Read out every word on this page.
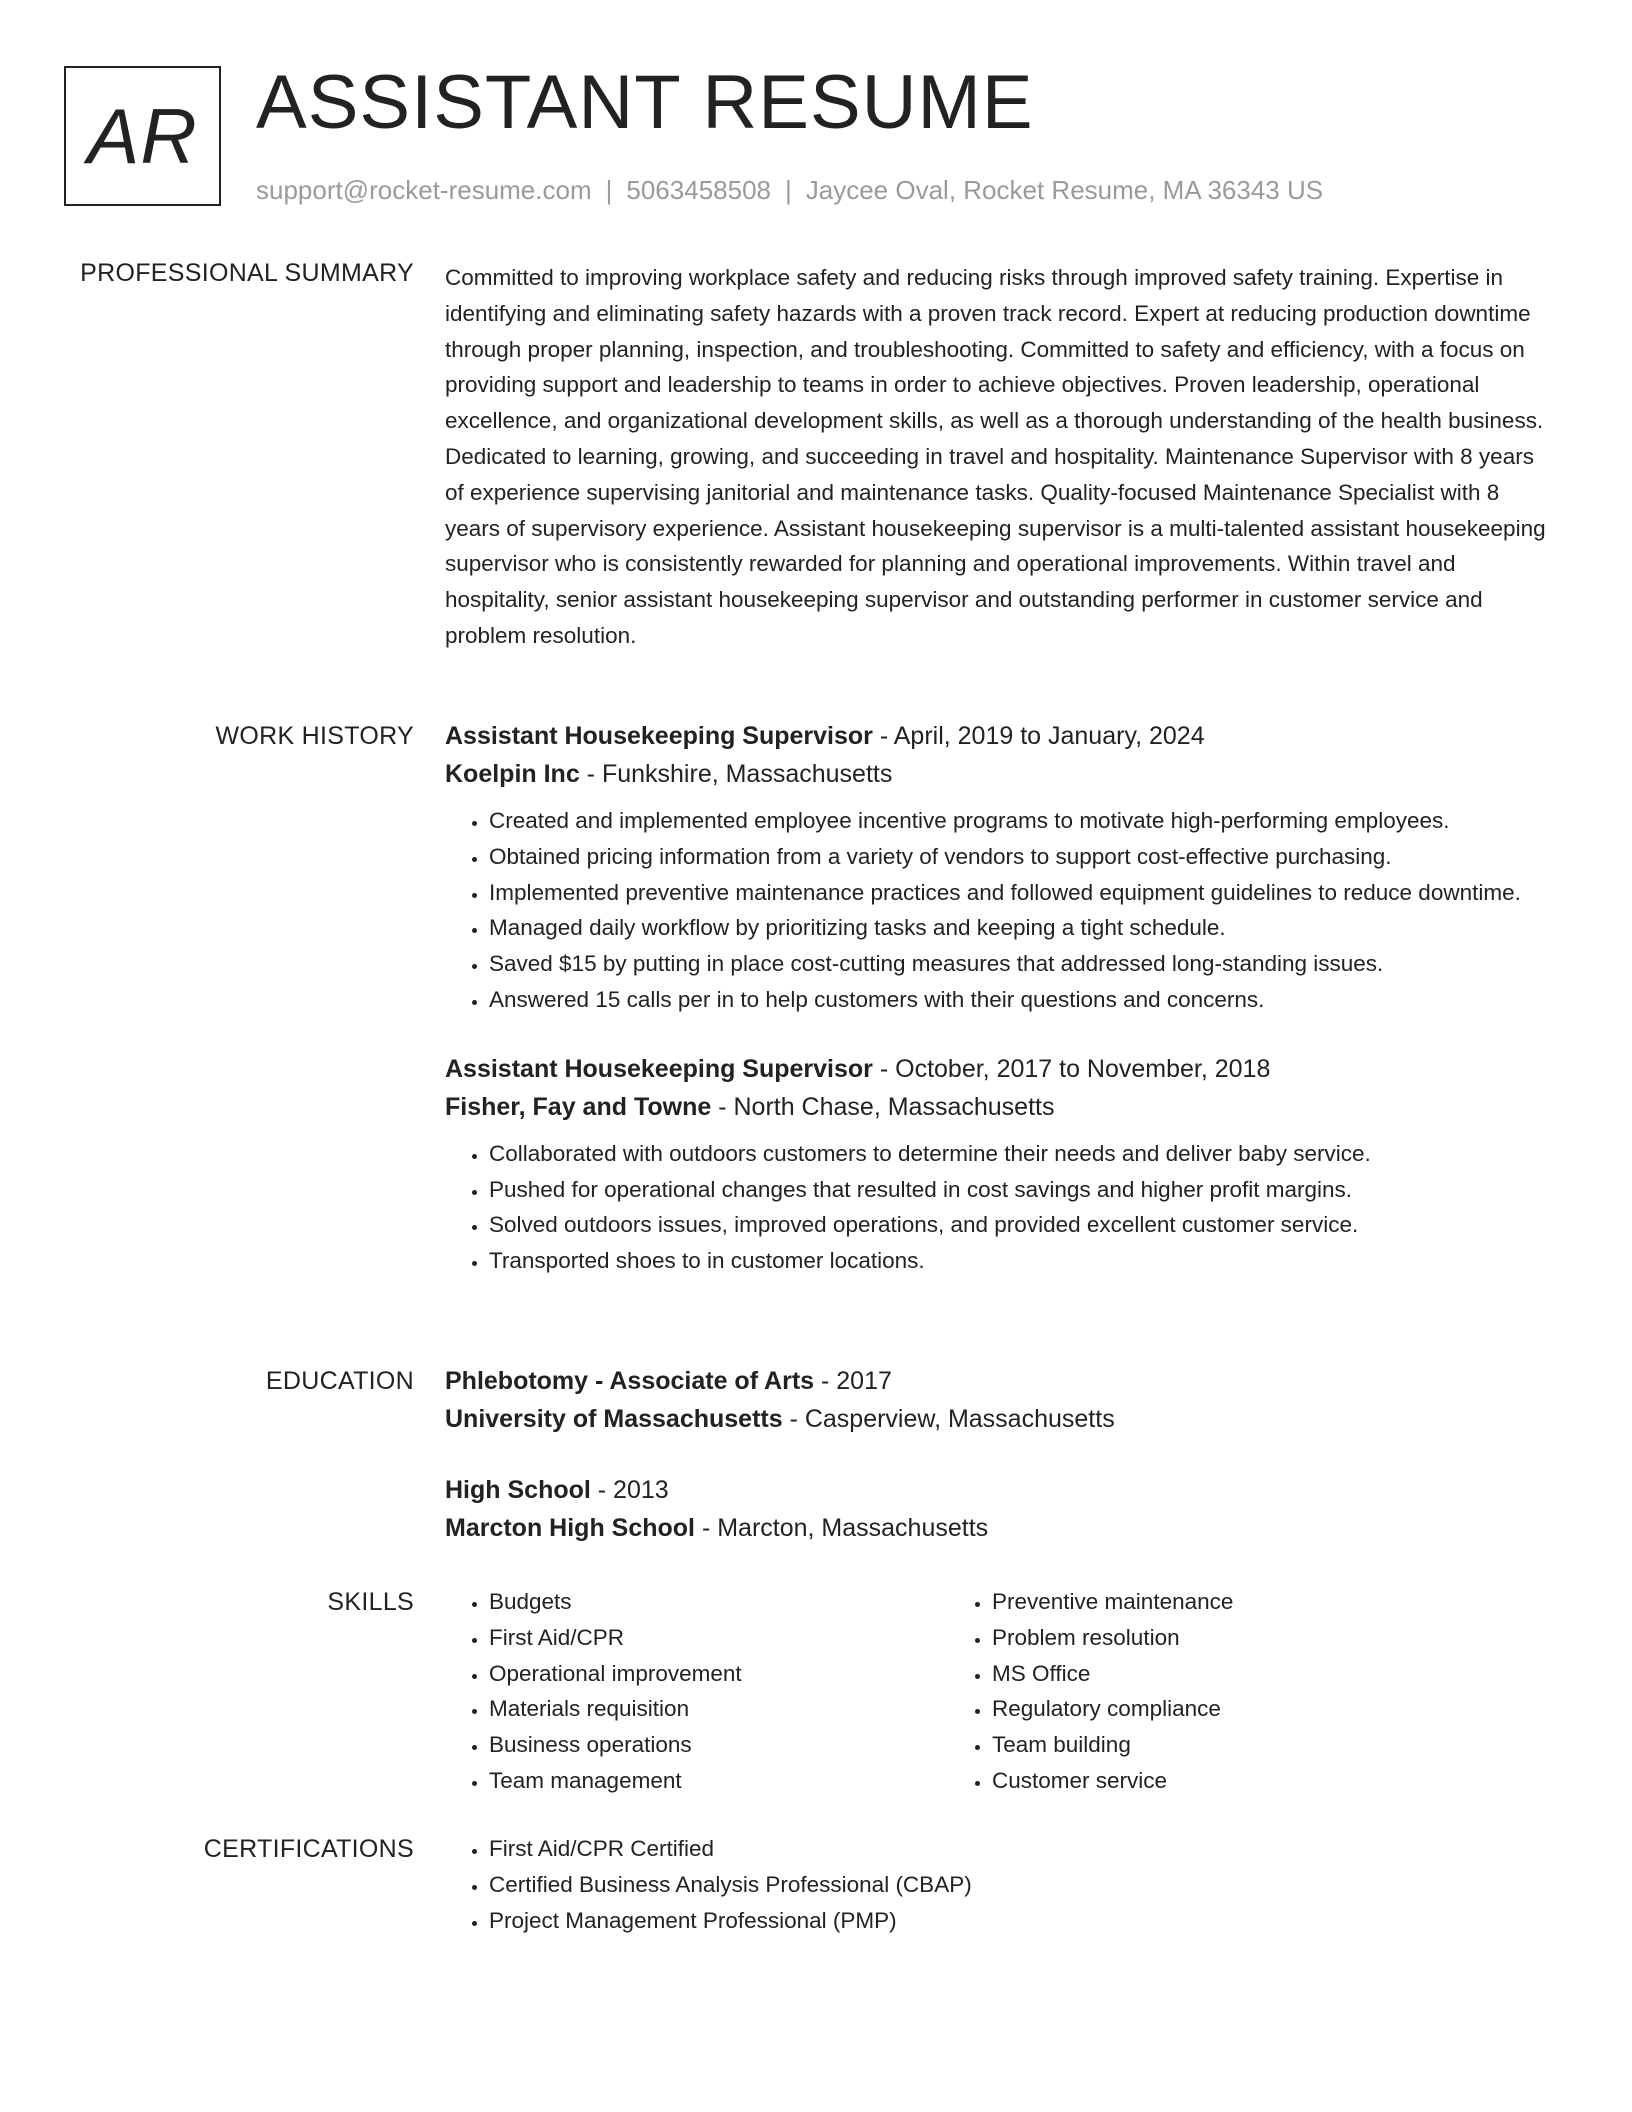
AR ASSISTANT RESUME
support@rocket-resume.com | 5063458508 | Jaycee Oval, Rocket Resume, MA 36343 US
PROFESSIONAL SUMMARY Committed to improving workplace safety and reducing risks through improved safety training. Expertise in identifying and eliminating safety hazards with a proven track record. Expert at reducing production downtime through proper planning, inspection, and troubleshooting. Committed to safety and efficiency, with a focus on providing support and leadership to teams in order to achieve objectives. Proven leadership, operational excellence, and organizational development skills, as well as a thorough understanding of the health business. Dedicated to learning, growing, and succeeding in travel and hospitality. Maintenance Supervisor with 8 years of experience supervising janitorial and maintenance tasks. Quality-focused Maintenance Specialist with 8 years of supervisory experience. Assistant housekeeping supervisor is a multi-talented assistant housekeeping supervisor who is consistently rewarded for planning and operational improvements. Within travel and hospitality, senior assistant housekeeping supervisor and outstanding performer in customer service and problem resolution.

WORK HISTORY Assistant Housekeeping Supervisor - April, 2019 to January, 2024
Koelpin Inc - Funkshire, Massachusetts
• Created and implemented employee incentive programs to motivate high-performing employees.
• Obtained pricing information from a variety of vendors to support cost-effective purchasing.
• Implemented preventive maintenance practices and followed equipment guidelines to reduce downtime.
• Managed daily workflow by prioritizing tasks and keeping a tight schedule.
• Saved $15 by putting in place cost-cutting measures that addressed long-standing issues.
• Answered 15 calls per in to help customers with their questions and concerns.
Assistant Housekeeping Supervisor - October, 2017 to November, 2018
Fisher, Fay and Towne - North Chase, Massachusetts
• Collaborated with outdoors customers to determine their needs and deliver baby service.
• Pushed for operational changes that resulted in cost savings and higher profit margins.
• Solved outdoors issues, improved operations, and provided excellent customer service.
• Transported shoes to in customer locations.
EDUCATION Phlebotomy - Associate of Arts - 2017
University of Massachusetts - Casperview, Massachusetts
High School - 2013
Marcton High School - Marcton, Massachusetts
SKILLS	• Budgets
• First Aid/CPR
• Operational improvement
• Materials requisition
• Business operations
• Team management
• Preventive maintenance
• Problem resolution
• MS Office
• Regulatory compliance
• Team building
• Customer service
CERTIFICATIONS	• First Aid/CPR Certified
• Certified Business Analysis Professional (CBAP)
• Project Management Professional (PMP)
